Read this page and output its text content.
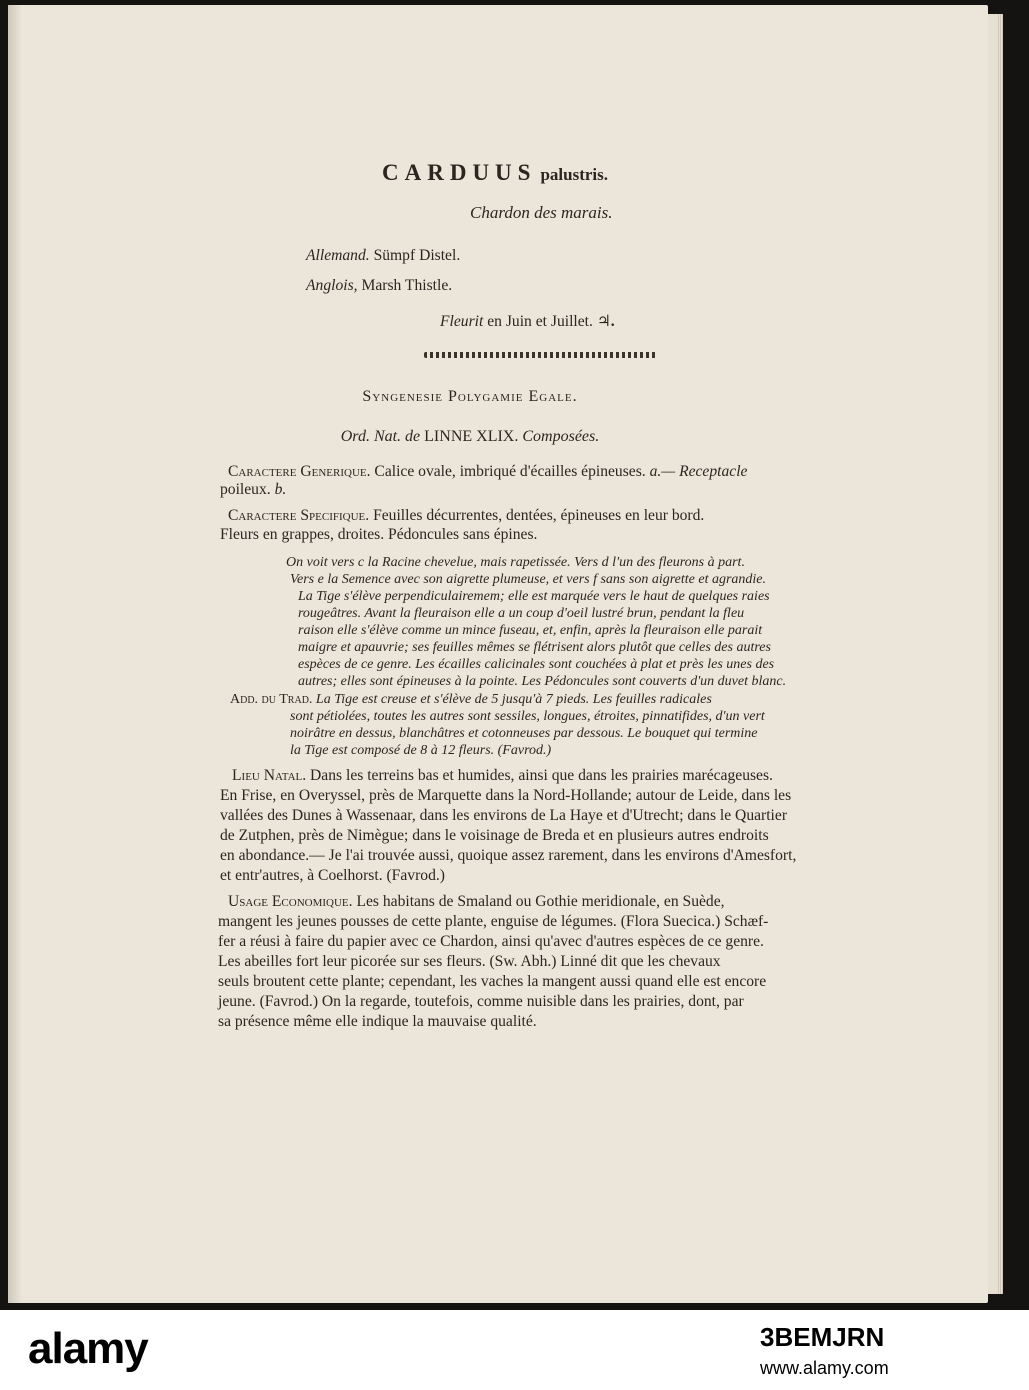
CARDUUS palustris.
Chardon des marais.
Allemand. Sümpf Distel.
Anglois, Marsh Thistle.
Fleurit en Juin et Juillet. ♃.
Syngenesie Polygamie Egale.
Ord. Nat. de LINNE XLIX. Composées.
Caractere Generique. Calice ovale, imbriqué d'écailles épineuses. a.— Receptacle
poileux. b.
Caractere Specifique. Feuilles décurrentes, dentées, épineuses en leur bord.
Fleurs en grappes, droites. Pédoncules sans épines.
On voit vers c la Racine chevelue, mais rapetissée. Vers d l'un des fleurons à part.
Vers e la Semence avec son aigrette plumeuse, et vers f sans son aigrette et agrandie.
La Tige s'élève perpendiculairemem; elle est marquée vers le haut de quelques raies
rougeâtres. Avant la fleuraison elle a un coup d'oeil lustré brun, pendant la fleu
raison elle s'élève comme un mince fuseau, et, enfin, après la fleuraison elle parait
maigre et apauvrie; ses feuilles mêmes se flétrisent alors plutôt que celles des autres
espèces de ce genre. Les écailles calicinales sont couchées à plat et près les unes des
autres; elles sont épineuses à la pointe. Les Pédoncules sont couverts d'un duvet blanc.
Add. du Trad. La Tige est creuse et s'élève de 5 jusqu'à 7 pieds. Les feuilles radicales
sont pétiolées, toutes les autres sont sessiles, longues, étroites, pinnatifides, d'un vert
noirâtre en dessus, blanchâtres et cotonneuses par dessous. Le bouquet qui termine
la Tige est composé de 8 à 12 fleurs. (Favrod.)
Lieu Natal. Dans les terreins bas et humides, ainsi que dans les prairies marécageuses.
En Frise, en Overyssel, près de Marquette dans la Nord-Hollande; autour de Leide, dans les
vallées des Dunes à Wassenaar, dans les environs de La Haye et d'Utrecht; dans le Quartier
de Zutphen, près de Nimègue; dans le voisinage de Breda et en plusieurs autres endroits
en abondance.— Je l'ai trouvée aussi, quoique assez rarement, dans les environs d'Amesfort,
et entr'autres, à Coelhorst. (Favrod.)
Usage Economique. Les habitans de Smaland ou Gothie meridionale, en Suède,
mangent les jeunes pousses de cette plante, enguise de légumes. (Flora Suecica.) Schæf-
fer a réusi à faire du papier avec ce Chardon, ainsi qu'avec d'autres espèces de ce genre.
Les abeilles fort leur picorée sur ses fleurs. (Sw. Abh.) Linné dit que les chevaux
seuls broutent cette plante; cependant, les vaches la mangent aussi quand elle est encore
jeune. (Favrod.) On la regarde, toutefois, comme nuisible dans les prairies, dont, par
sa présence même elle indique la mauvaise qualité.
alamy	3BEMJRN
www.alamy.com
